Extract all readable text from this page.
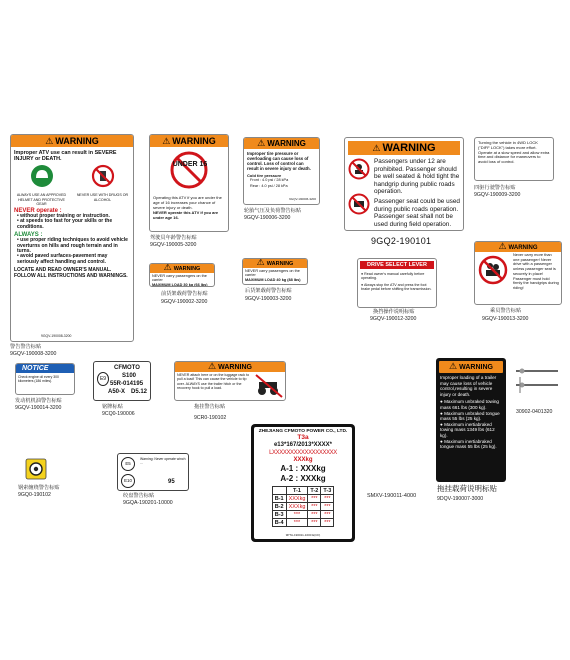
⚠ WARNING
Improper ATV use can result in SEVERE INJURY or DEATH.
ALWAYS USE AN APPROVED HELMET AND PROTECTIVE GEAR
NEVER USE WITH DRUGS OR ALCOHOL
NEVER operate :
• without proper training or instruction.
• at speeds too fast for your skills or the conditions.
ALWAYS :
• use proper riding techniques to avoid vehicle overturns on hills and rough terrain and in turns.
• avoid paved surfaces-pavement may seriously affect handling and control.
LOCATE AND READ OWNER'S MANUAL. FOLLOW ALL INSTRUCTIONS AND WARNINGS.
9GQV-190008-3200
警告警告标贴
9GQV-190008-3200
⚠ WARNING
UNDER 16
Operating this ATV if you are under the age of 16 increases your chance of severe injury or death.
NEVER operate this ATV if you are under age 16.
驾驶员年龄警告标贴
9GQV-190005-3200
⚠ WARNING
Improper tire pressure or overloading can cause loss of control. Loss of control can result in severe injury or death.
Cold tire pressure
Front : 4.0 psi / 28 kPa
Rear : 4.0 psi / 28 kPa
9GQV-190006-3200
轮胎气压及负荷警告标贴
9GQV-190006-3200
⚠ WARNING

Passengers under 12 are prohibited. Passenger should be well seated & hold tight the handgrip during public roads operation.
Passenger seat could be used during public roads operation. Passenger seat shall not be used during field operation.
9GQ2-190101
Turning the vehicle in 4WD LOCK ("DIFF LOCK") takes more effort. Operate at a slow speed and allow extra time and distance for maneuvers to avoid loss of control.
四驱行驶警告标贴
9GQV-190009-3200
⚠ WARNING
NEVER carry passengers on the carrier
MAXIMUM LOAD 30 kg (66 lbs)
前货架载荷警告标贴
9GQV-190002-3200
⚠ WARNING
NEVER carry passengers on the carrier
MAXIMUM LOAD 40 kg (88 lbs)
后货架载荷警告标贴
9GQV-190003-3200
DRIVE SELECT LEVER
● Read owner's manual carefully before operating.
● Always stop the ATV and press the foot brake pedal before shifting the transmission.
换挡操作说明标贴
9GQV-190012-3200
⚠ WARNING
Never carry more than one passenger! Never drive with a passenger unless passenger seat is securely in place! Passenger must hold firmly the handgrips during riding!
乘员警告标贴
9GQV-190013-3200
NOTICE
Check engine oil every 300 kilometers (186 miles).
发动机机油警告标贴
9GQV-190014-3200
E9
CFMOTO
S100
55R-014195
A50-X D5.12
铭牌标贴
9CQ0-190006
⚠ WARNING
NEVER attach here or on the luggage rack to pull a load! This can cause the vehicle to tip over. ALWAYS use the trailer hitch or the recovery hook to pull a load.
拖挂警告标贴
9CR0-190102
钢索缠绕警告标贴
9GQ0-190102
E5
E10
Warning: Never operate winch ...
95
绞盘警告标贴
9GQA-190201-10000
ZHEJIANG CFMOTO POWER CO., LTD.
T3a
e13*167/2013*XXXX*
LXXXXXXXXXXXXXXXXXX
XXXkg
A-1 : XXXkg
A-2 : XXXkg
	T-1	T-2	T-3
B-1	XXXkg	***	***
B-2	XXXkg	***	***
B-3	***	***	***
B-4	***	***	***
9PTA-190011-1000 E(CF)
SMXV-190011-4000
⚠ WARNING
Improper loading of a trailer may cause loss of vehicle control,resulting in severe injury or death.
● Maximum unbraked towing mass 661 lbs (300 kg).
● Maximum unbraked tongue mass 55 lbs (25 kg).
● Maximum inertiabraked towing mass 1349 lbs (612 kg).
● Maximum inertiabraked tongue mass 55 lbs (25 kg).
拖挂载荷说明标贴
9DQV-190007-3000
30902-0401320
